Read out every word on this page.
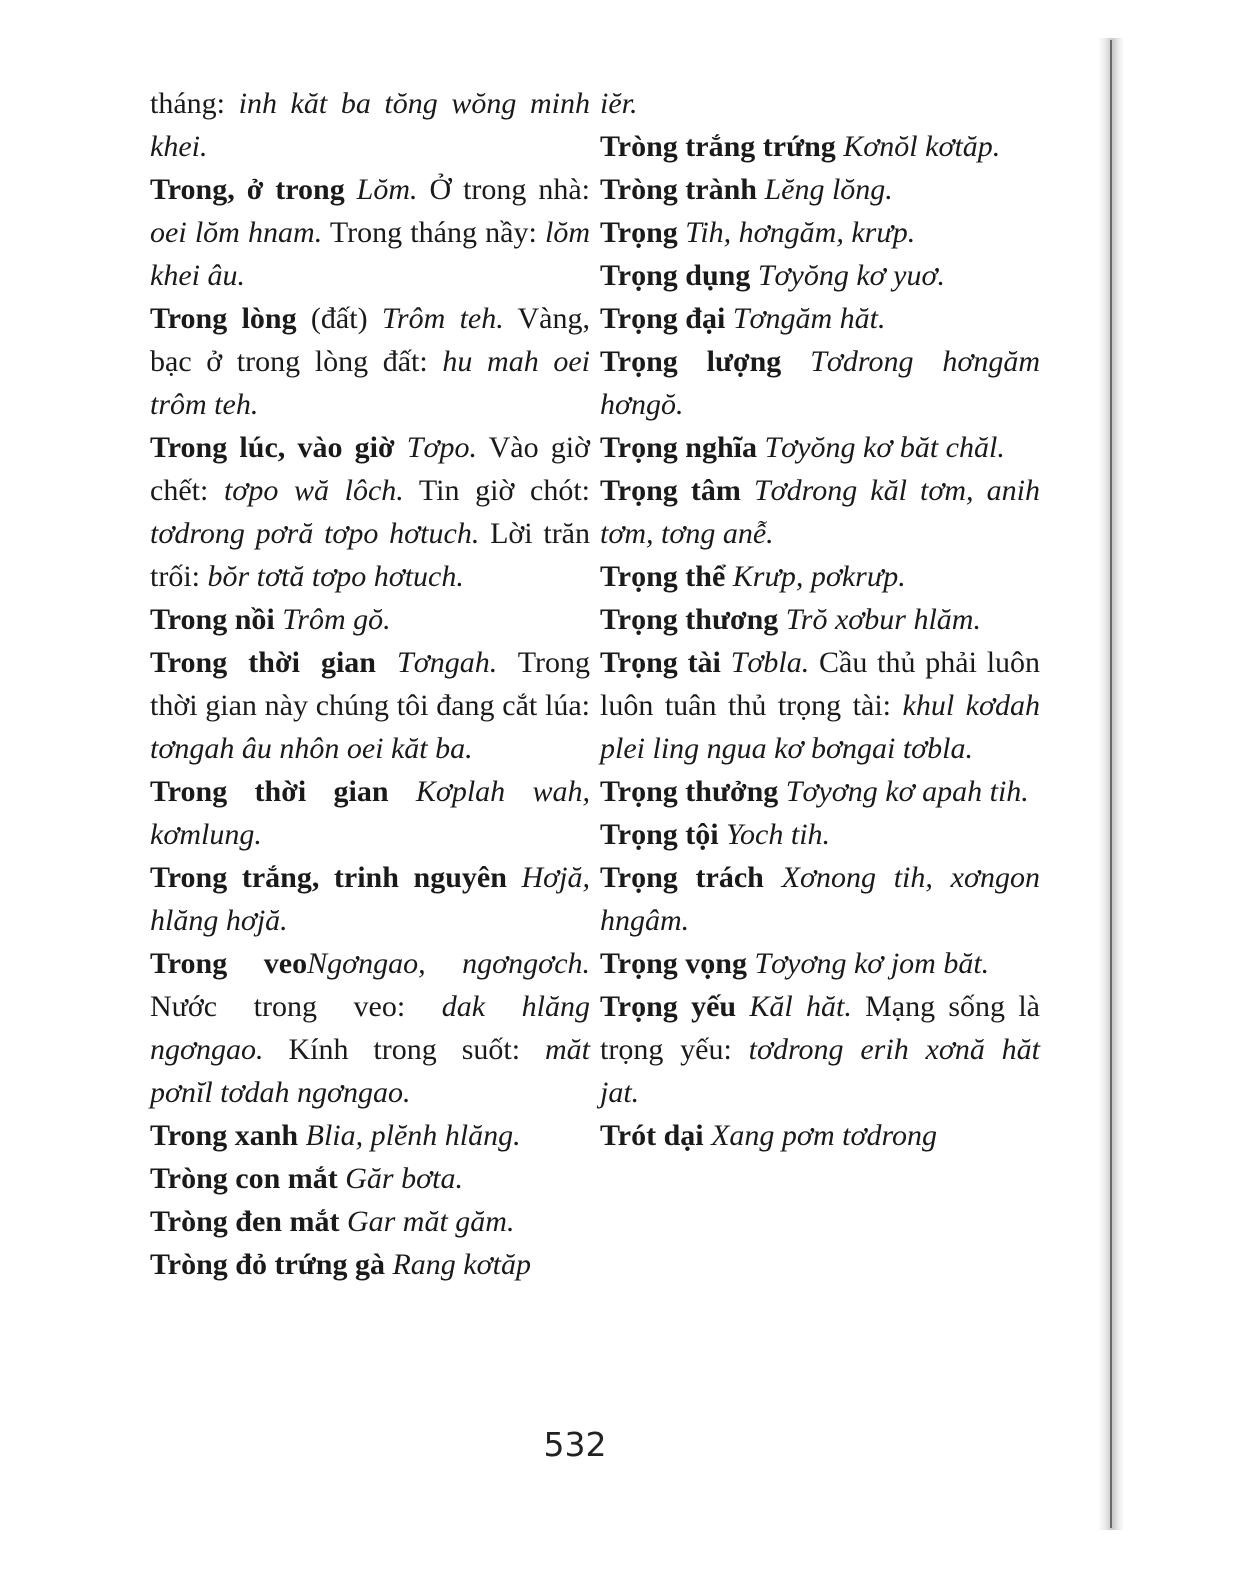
tháng: inh kăt ba tŏng wŏng minh khei.
Trong, ở trong Lŏm. Ở trong nhà: oei lŏm hnam. Trong tháng nầy: lŏm khei âu.
Trong lòng (đất) Trôm teh. Vàng, bạc ở trong lòng đất: hu mah oei trôm teh.
Trong lúc, vào giờ Tơpo. Vào giờ chết: tơpo wă lôch. Tin giờ chót: tơdrong pơră tơpo hơtuch. Lời trăn trối: bŏr tơtă tơpo hơtuch.
Trong nồi Trôm gŏ.
Trong thời gian Tơngah. Trong thời gian này chúng tôi đang cắt lúa: tơngah âu nhôn oei kăt ba.
Trong thời gian Kơplah wah, kơmlung.
Trong trắng, trinh nguyên Hơjă, hlăng hơjă.
Trong veoNgơngao, ngơngơch. Nước trong veo: dak hlăng ngơngao. Kính trong suốt: măt pơnĭl tơdah ngơngao.
Trong xanh Blia, plĕnh hlăng.
Tròng con mắt Găr bơta.
Tròng đen mắt Gar măt găm.
Tròng đỏ trứng gà Rang kơtăp
iĕr.
Tròng trắng trứng Kơnŏl kơtăp.
Tròng trành Lĕng lŏng.
Trọng Tih, hơngăm, krưp.
Trọng dụng Tơyŏng kơ yuơ.
Trọng đại Tơngăm hăt.
Trọng lượng Tơdrong hơngăm hơngŏ.
Trọng nghĩa Tơyŏng kơ băt chăl.
Trọng tâm Tơdrong kăl tơm, anih tơm, tơng anễ.
Trọng thể Krưp, pơkrưp.
Trọng thương Trŏ xơbur hlăm.
Trọng tài Tơbla. Cầu thủ phải luôn luôn tuân thủ trọng tài: khul kơdah plei ling ngua kơ bơngai tơbla.
Trọng thưởng Tơyơng kơ apah tih.
Trọng tội Yoch tih.
Trọng trách Xơnong tih, xơngon hngâm.
Trọng vọng Tơyơng kơ jom băt.
Trọng yếu Kăl hăt. Mạng sống là trọng yếu: tơdrong erih xơnă hăt jat.
Trót dại Xang pơm tơdrong
532
